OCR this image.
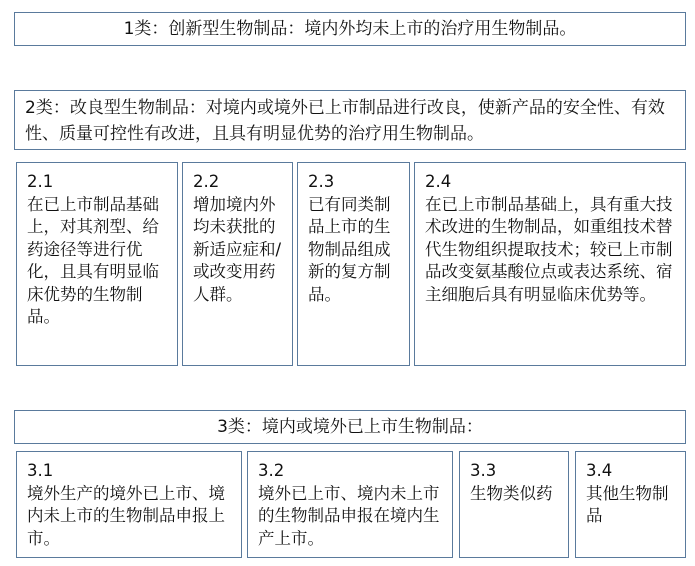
1类：创新型生物制品：境内外均未上市的治疗用生物制品。
2类：改良型生物制品：对境内或境外已上市制品进行改良，使新产品的安全性、有效性、质量可控性有改进，且具有明显优势的治疗用生物制品。
2.1
在已上市制品基础上，对其剂型、给药途径等进行优化，且具有明显临床优势的生物制品。
2.2
增加境内外均未获批的新适应症和/或改变用药人群。
2.3
已有同类制品上市的生物制品组成新的复方制品。
2.4
在已上市制品基础上，具有重大技术改进的生物制品，如重组技术替代生物组织提取技术；较已上市制品改变氨基酸位点或表达系统、宿主细胞后具有明显临床优势等。
3类：境内或境外已上市生物制品：
3.1
境外生产的境外已上市、境内未上市的生物制品申报上市。
3.2
境外已上市、境内未上市的生物制品申报在境内生产上市。
3.3
生物类似药
3.4
其他生物制品
